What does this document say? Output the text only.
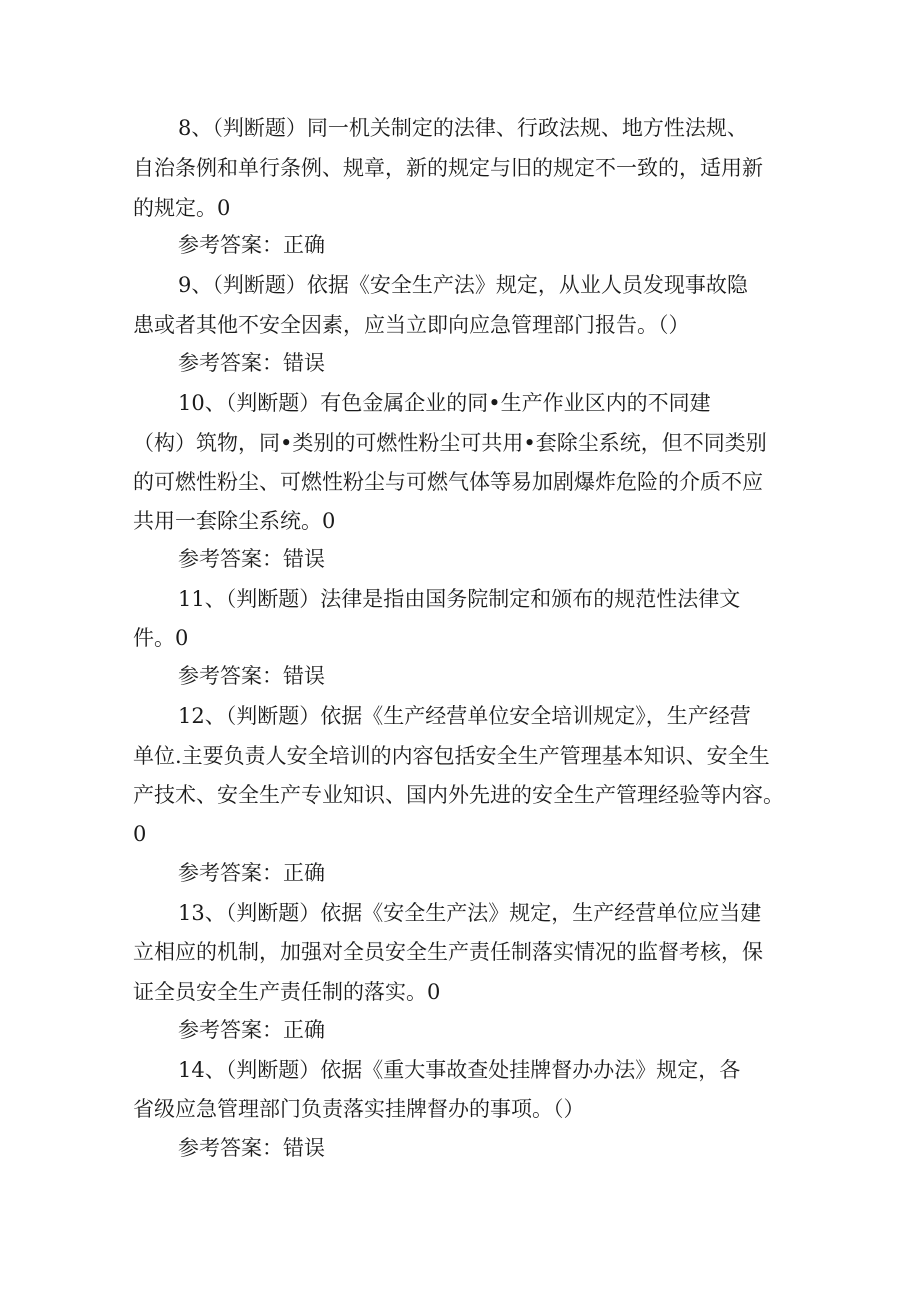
8、（判断题）同一机关制定的法律、行政法规、地方性法规、
自治条例和单行条例、规章，新的规定与旧的规定不一致的，适用新
的规定。0
参考答案：正确
9、（判断题）依据《安全生产法》规定，从业人员发现事故隐
患或者其他不安全因素，应当立即向应急管理部门报告。（）
参考答案：错误
10、（判断题）有色金属企业的同•生产作业区内的不同建
（构）筑物，同•类别的可燃性粉尘可共用•套除尘系统，但不同类别
的可燃性粉尘、可燃性粉尘与可燃气体等易加剧爆炸危险的介质不应
共用一套除尘系统。0
参考答案：错误
11、（判断题）法律是指由国务院制定和颁布的规范性法律文
件。0
参考答案：错误
12、（判断题）依据《生产经营单位安全培训规定》，生产经营
单位.主要负责人安全培训的内容包括安全生产管理基本知识、安全生
产技术、安全生产专业知识、国内外先进的安全生产管理经验等内容。
0
参考答案：正确
13、（判断题）依据《安全生产法》规定，生产经营单位应当建
立相应的机制，加强对全员安全生产责任制落实情况的监督考核，保
证全员安全生产责任制的落实。0
参考答案：正确
14、（判断题）依据《重大事故查处挂牌督办办法》规定，各
省级应急管理部门负责落实挂牌督办的事项。（）
参考答案：错误
